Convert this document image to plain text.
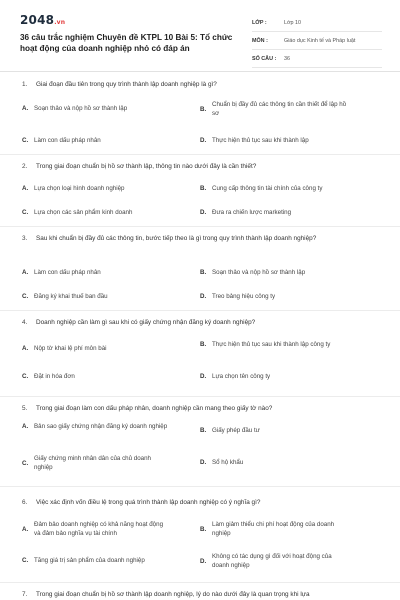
2048.vn
36 câu trắc nghiệm Chuyên đề KTPL 10 Bài 5: Tổ chức hoạt động của doanh nghiệp nhỏ có đáp án
LỚP :	Lớp 10
MÔN :	Giáo dục Kinh tế và Pháp luật
SỐ CÂU :	36
1.	Giai đoạn đầu tiên trong quy trình thành lập doanh nghiệp là gì?
A. Soạn thảo và nộp hồ sơ thành lập	B.
Chuẩn bị đầy đủ các thông tin cần thiết để lập hồ sơ
C. Làm con dấu pháp nhân	D. Thực hiện thủ tục sau khi thành lập
2.	Trong giai đoạn chuẩn bị hồ sơ thành lập, thông tin nào dưới đây là cần thiết?
A. Lựa chọn loại hình doanh nghiệp	B. Cung cấp thông tin tài chính của công ty
C. Lựa chọn các sản phẩm kinh doanh	D. Đưa ra chiến lược marketing
3.	Sau khi chuẩn bị đầy đủ các thông tin, bước tiếp theo là gì trong quy trình thành lập doanh nghiệp?
A. Làm con dấu pháp nhân	B. Soạn thảo và nộp hồ sơ thành lập
C. Đăng ký khai thuế ban đầu	D. Treo bảng hiệu công ty
4.	Doanh nghiệp cần làm gì sau khi có giấy chứng nhận đăng ký doanh nghiệp?
A. Nộp tờ khai lệ phí môn bài
B. Thực hiện thủ tục sau khi thành lập công ty
C. Đặt in hóa đơn	D. Lựa chọn tên công ty
5.	Trong giai đoạn làm con dấu pháp nhân, doanh nghiệp cần mang theo giấy tờ nào?
A. Bản sao giấy chứng nhận đăng ký doanh nghiệp
B. Giấy phép đầu tư
C.
Giấy chứng minh nhân dân của chủ doanh nghiệp
D. Sổ hộ khẩu
6.	Việc xác định vốn điều lệ trong quá trình thành lập doanh nghiệp có ý nghĩa gì?
A.
Đảm bảo doanh nghiệp có khả năng hoạt động và đảm bảo nghĩa vụ tài chính
B.
Làm giảm thiểu chi phí hoạt động của doanh nghiệp
C. Tăng giá trị sản phẩm của doanh nghiệp	D.
Không có tác dụng gì đối với hoạt động của doanh nghiệp
7.	Trong giai đoạn chuẩn bị hồ sơ thành lập doanh nghiệp, lý do nào dưới đây là quan trọng khi lựa
